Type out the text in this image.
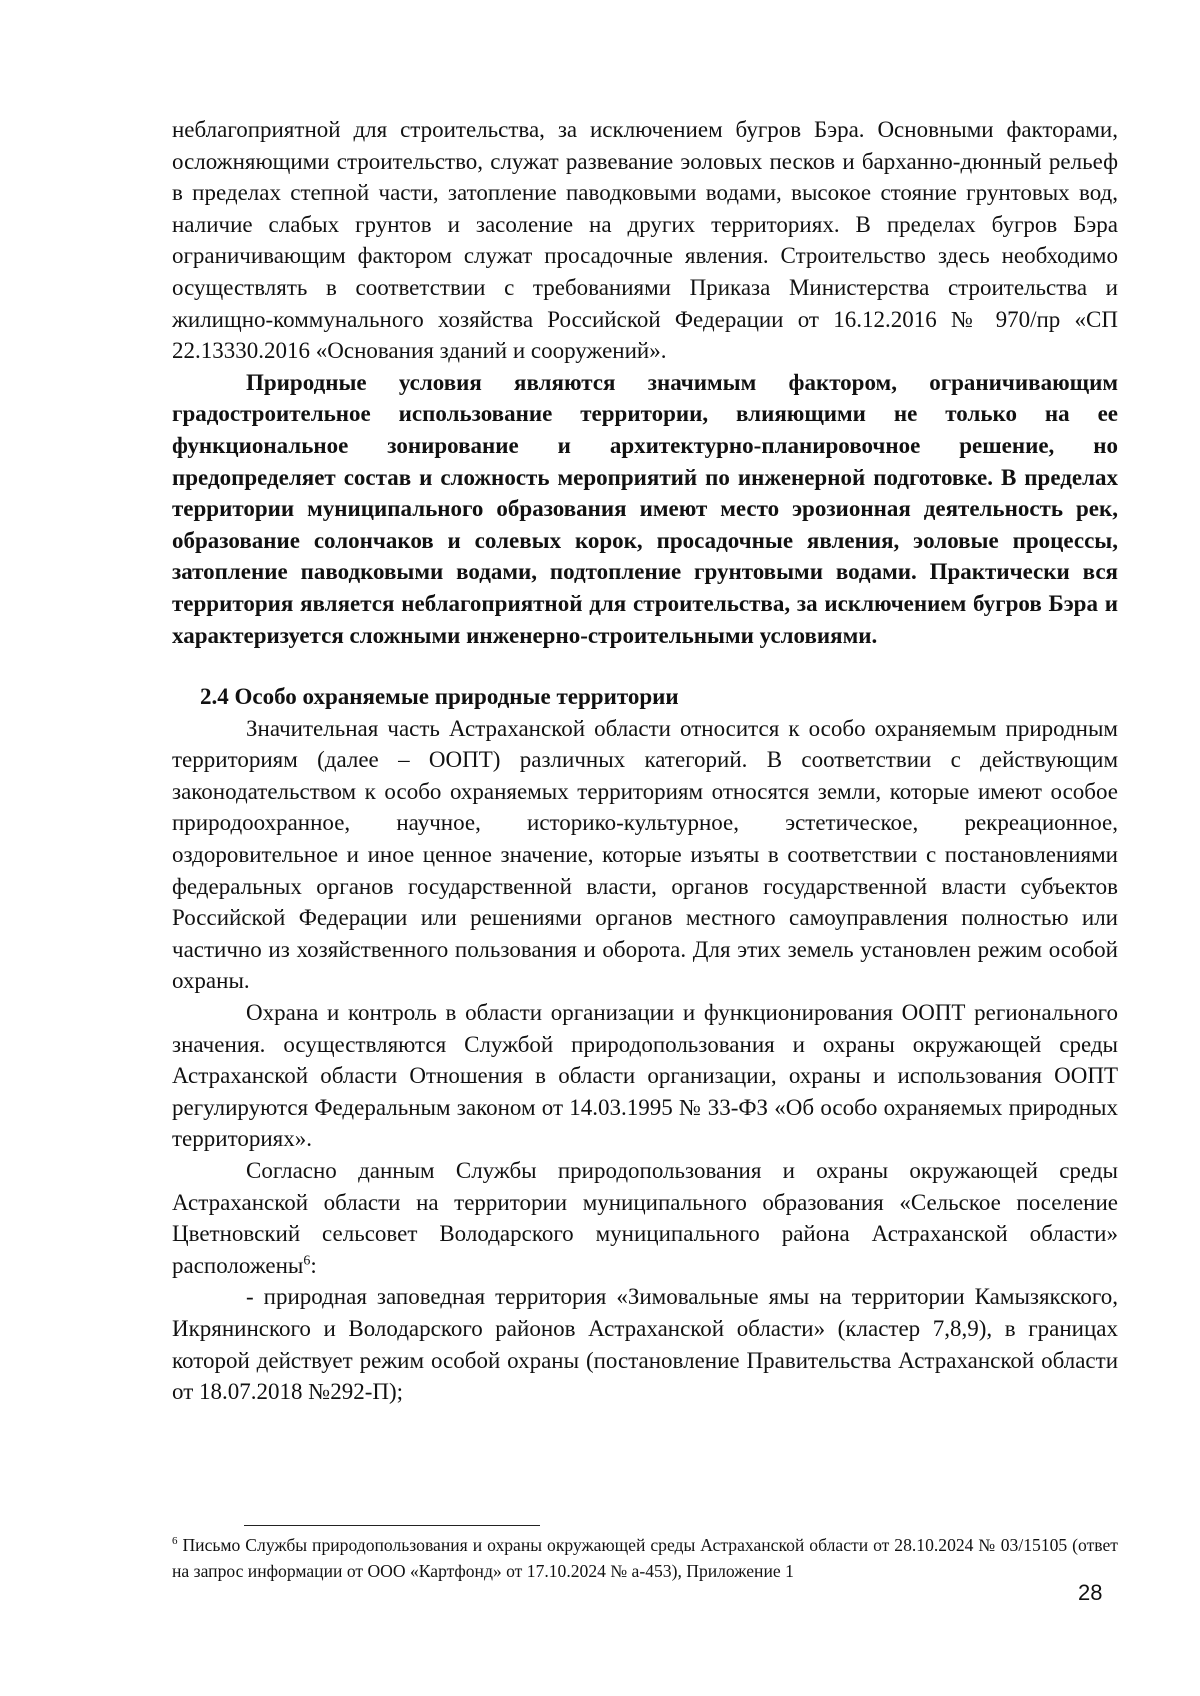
неблагоприятной для строительства, за исключением бугров Бэра. Основными факторами, осложняющими строительство, служат развевание эоловых песков и барханно-дюнный рельеф в пределах степной части, затопление паводковыми водами, высокое стояние грунтовых вод, наличие слабых грунтов и засоление на других территориях. В пределах бугров Бэра ограничивающим фактором служат просадочные явления. Строительство здесь необходимо осуществлять в соответствии с требованиями Приказа Министерства строительства и жилищно-коммунального хозяйства Российской Федерации от 16.12.2016 № 970/пр «СП 22.13330.2016 «Основания зданий и сооружений».

Природные условия являются значимым фактором, ограничивающим градостроительное использование территории, влияющими не только на ее функциональное зонирование и архитектурно-планировочное решение, но предопределяет состав и сложность мероприятий по инженерной подготовке. В пределах территории муниципального образования имеют место эрозионная деятельность рек, образование солончаков и солевых корок, просадочные явления, эоловые процессы, затопление паводковыми водами, подтопление грунтовыми водами. Практически вся территория является неблагоприятной для строительства, за исключением бугров Бэра и характеризуется сложными инженерно-строительными условиями.

2.4 Особо охраняемые природные территории

Значительная часть Астраханской области относится к особо охраняемым природным территориям (далее – ООПТ) различных категорий. В соответствии с действующим законодательством к особо охраняемых территориям относятся земли, которые имеют особое природоохранное, научное, историко-культурное, эстетическое, рекреационное, оздоровительное и иное ценное значение, которые изъяты в соответствии с постановлениями федеральных органов государственной власти, органов государственной власти субъектов Российской Федерации или решениями органов местного самоуправления полностью или частично из хозяйственного пользования и оборота. Для этих земель установлен режим особой охраны.

Охрана и контроль в области организации и функционирования ООПТ регионального значения. осуществляются Службой природопользования и охраны окружающей среды Астраханской области Отношения в области организации, охраны и использования ООПТ регулируются Федеральным законом от 14.03.1995 № 33-ФЗ «Об особо охраняемых природных территориях».

Согласно данным Службы природопользования и охраны окружающей среды Астраханской области на территории муниципального образования «Сельское поселение Цветновский сельсовет Володарского муниципального района Астраханской области» расположены$^6$:

- природная заповедная территория «Зимовальные ямы на территории Камызякского, Икрянинского и Володарского районов Астраханской области» (кластер 7,8,9), в границах которой действует режим особой охраны (постановление Правительства Астраханской области от 18.07.2018 №292-П);

$^6$ Письмо Службы природопользования и охраны окружающей среды Астраханской области от 28.10.2024 № 03/15105 (ответ на запрос информации от ООО «Картфонд» от 17.10.2024 № а-453), Приложение 1
28
